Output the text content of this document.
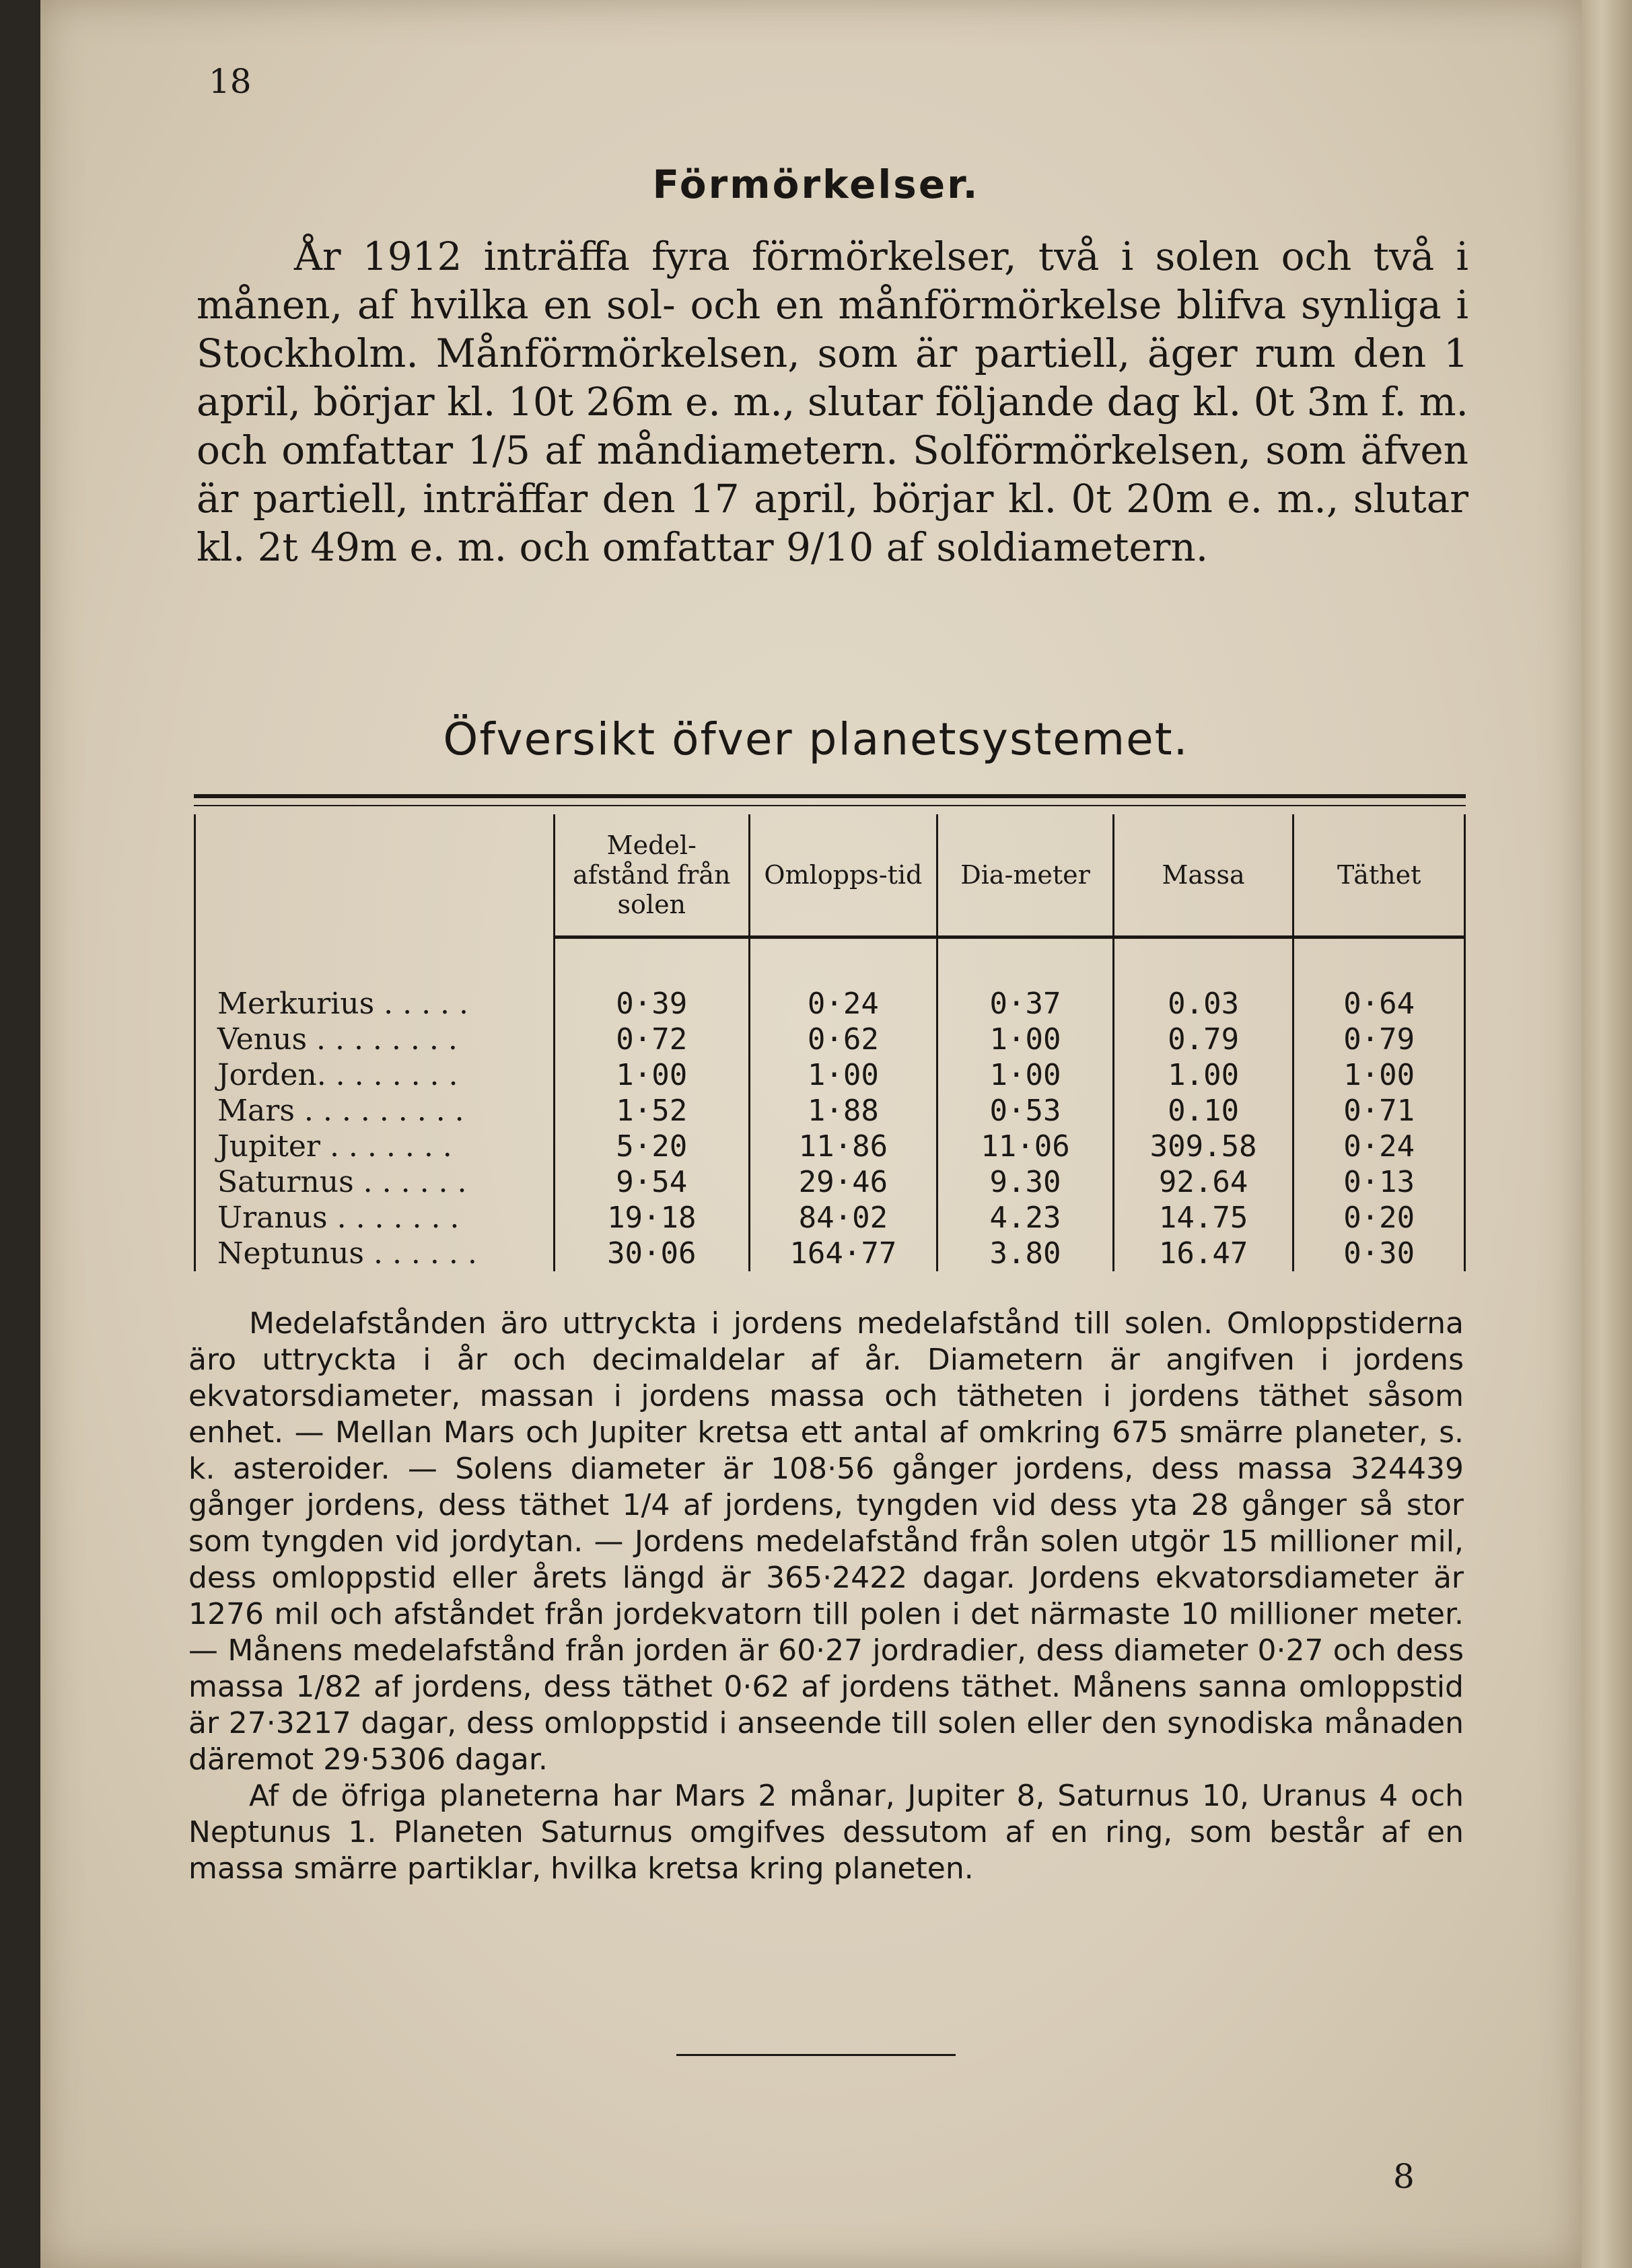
18
Förmörkelser.
År 1912 inträffa fyra förmörkelser, två i solen och två i månen, af hvilka en sol- och en månförmörkelse blifva synliga i Stockholm. Månförmörkelsen, som är partiell, äger rum den 1 april, börjar kl. 10t 26m e. m., slutar följande dag kl. 0t 3m f. m. och omfattar 1/5 af måndiametern. Solförmörkelsen, som äfven är partiell, inträffar den 17 april, börjar kl. 0t 20m e. m., slutar kl. 2t 49m e. m. och omfattar 9/10 af soldiametern.
Öfversikt öfver planetsystemet.
	Medel-afstånd från solen	Omlopps-tid	Dia-meter	Massa	Täthet

Merkurius . . . . .	0·39	0·24	0·37	0.03	0·64
Venus . . . . . . . .	0·72	0·62	1·00	0.79	0·79
Jorden. . . . . . . .	1·00	1·00	1·00	1.00	1·00
Mars . . . . . . . . .	1·52	1·88	0·53	0.10	0·71
Jupiter . . . . . . .	5·20	11·86	11·06	309.58	0·24
Saturnus . . . . . .	9·54	29·46	9.30	92.64	0·13
Uranus . . . . . . .	19·18	84·02	4.23	14.75	0·20
Neptunus . . . . . .	30·06	164·77	3.80	16.47	0·30

Medelafstånden äro uttryckta i jordens medelafstånd till solen. Omloppstiderna äro uttryckta i år och decimaldelar af år. Diametern är angifven i jordens ekvatorsdiameter, massan i jordens massa och tätheten i jordens täthet såsom enhet. — Mellan Mars och Jupiter kretsa ett antal af omkring 675 smärre planeter, s. k. asteroider. — Solens diameter är 108·56 gånger jordens, dess massa 324439 gånger jordens, dess täthet 1/4 af jordens, tyngden vid dess yta 28 gånger så stor som tyngden vid jordytan. — Jordens medelafstånd från solen utgör 15 millioner mil, dess omloppstid eller årets längd är 365·2422 dagar. Jordens ekvatorsdiameter är 1276 mil och afståndet från jordekvatorn till polen i det närmaste 10 millioner meter. — Månens medelafstånd från jorden är 60·27 jordradier, dess diameter 0·27 och dess massa 1/82 af jordens, dess täthet 0·62 af jordens täthet. Månens sanna omloppstid är 27·3217 dagar, dess omloppstid i anseende till solen eller den synodiska månaden däremot 29·5306 dagar.

Af de öfriga planeterna har Mars 2 månar, Jupiter 8, Saturnus 10, Uranus 4 och Neptunus 1. Planeten Saturnus omgifves dessutom af en ring, som består af en massa smärre partiklar, hvilka kretsa kring planeten.

8
